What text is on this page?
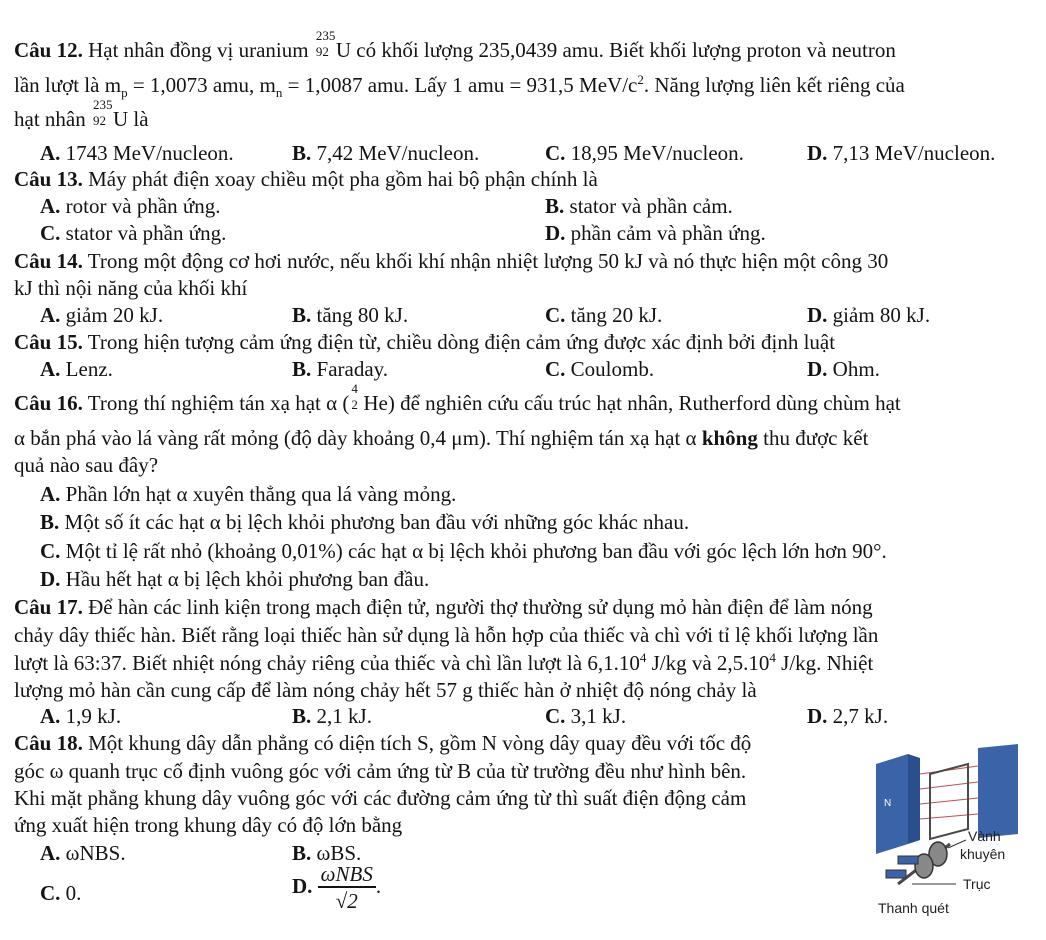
Câu 12. Hạt nhân đồng vị uranium
235
92 U có khối lượng 235,0439 amu. Biết khối lượng proton và neutron
lần lượt là $m_p = 1,0073$ amu, $m_n = 1,0087$ amu. Lấy 1 amu = 931,5 MeV/$c^2$. Năng lượng liên kết riêng của
hạt nhân
235
92 U là
A. 1743 MeV/nucleon.	B. 7,42 MeV/nucleon.	C. 18,95 MeV/nucleon.	D. 7,13 MeV/nucleon.
Câu 13. Máy phát điện xoay chiều một pha gồm hai bộ phận chính là
A. rotor và phần ứng.	B. stator và phần cảm.
C. stator và phần ứng.	D. phần cảm và phần ứng.
Câu 14. Trong một động cơ hơi nước, nếu khối khí nhận nhiệt lượng 50 kJ và nó thực hiện một công 30
kJ thì nội năng của khối khí
A. giảm 20 kJ.	B. tăng 80 kJ.	C. tăng 20 kJ.	D. giảm 80 kJ.
Câu 15. Trong hiện tượng cảm ứng điện từ, chiều dòng điện cảm ứng được xác định bởi định luật
A. Lenz.	B. Faraday.	C. Coulomb.	D. Ohm.
Câu 16. Trong thí nghiệm tán xạ hạt α (
4
2 He) để nghiên cứu cấu trúc hạt nhân, Rutherford dùng chùm hạt
α bắn phá vào lá vàng rất mỏng (độ dày khoảng 0,4 μm). Thí nghiệm tán xạ hạt α không thu được kết
quả nào sau đây?
A. Phần lớn hạt α xuyên thẳng qua lá vàng mỏng.
B. Một số ít các hạt α bị lệch khỏi phương ban đầu với những góc khác nhau.
C. Một tỉ lệ rất nhỏ (khoảng 0,01%) các hạt α bị lệch khỏi phương ban đầu với góc lệch lớn hơn 90°.
D. Hầu hết hạt α bị lệch khỏi phương ban đầu.
Câu 17. Để hàn các linh kiện trong mạch điện tử, người thợ thường sử dụng mỏ hàn điện để làm nóng
chảy dây thiếc hàn. Biết rằng loại thiếc hàn sử dụng là hỗn hợp của thiếc và chì với tỉ lệ khối lượng lần
lượt là 63:37. Biết nhiệt nóng chảy riêng của thiếc và chì lần lượt là 6,1.10$^4$ J/kg và 2,5.10$^4$ J/kg. Nhiệt
lượng mỏ hàn cần cung cấp để làm nóng chảy hết 57 g thiếc hàn ở nhiệt độ nóng chảy là
A. 1,9 kJ.	B. 2,1 kJ.	C. 3,1 kJ.	D. 2,7 kJ.
Câu 18. Một khung dây dẫn phẳng có diện tích S, gồm N vòng dây quay đều với tốc độ
góc ω quanh trục cố định vuông góc với cảm ứng từ B của từ trường đều như hình bên.
Khi mặt phẳng khung dây vuông góc với các đường cảm ứng từ thì suất điện động cảm
ứng xuất hiện trong khung dây có độ lớn bằng
A. ωNBS.	B. ωBS.
C. 0.	D. $\frac{\text{ωNBS}}{√2}$ .
N
Vành
khuyên
Trục
Thanh quét
